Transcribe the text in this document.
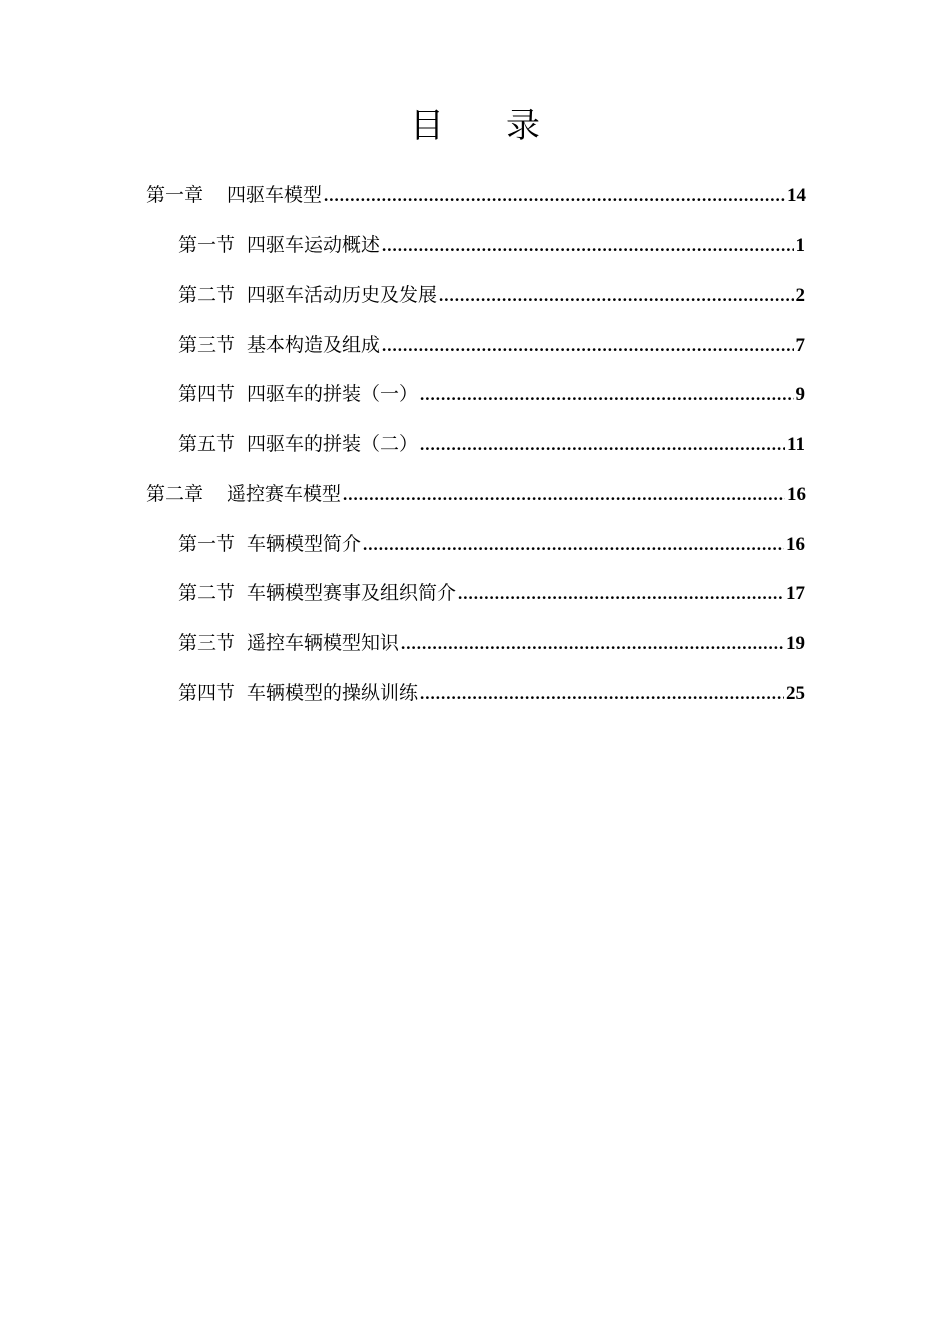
目录
第一章 四驱车模型 .....	14
第一节 四驱车运动概述 .....	1
第二节 四驱车活动历史及发展 .....	2
第三节 基本构造及组成 .....	7
第四节 四驱车的拼装（一） .....	9
第五节 四驱车的拼装（二） .....	11
第二章 遥控赛车模型 .....	16
第一节 车辆模型简介 .....	16
第二节 车辆模型赛事及组织简介 .....	17
第三节 遥控车辆模型知识 .....	19
第四节 车辆模型的操纵训练 .....	25
